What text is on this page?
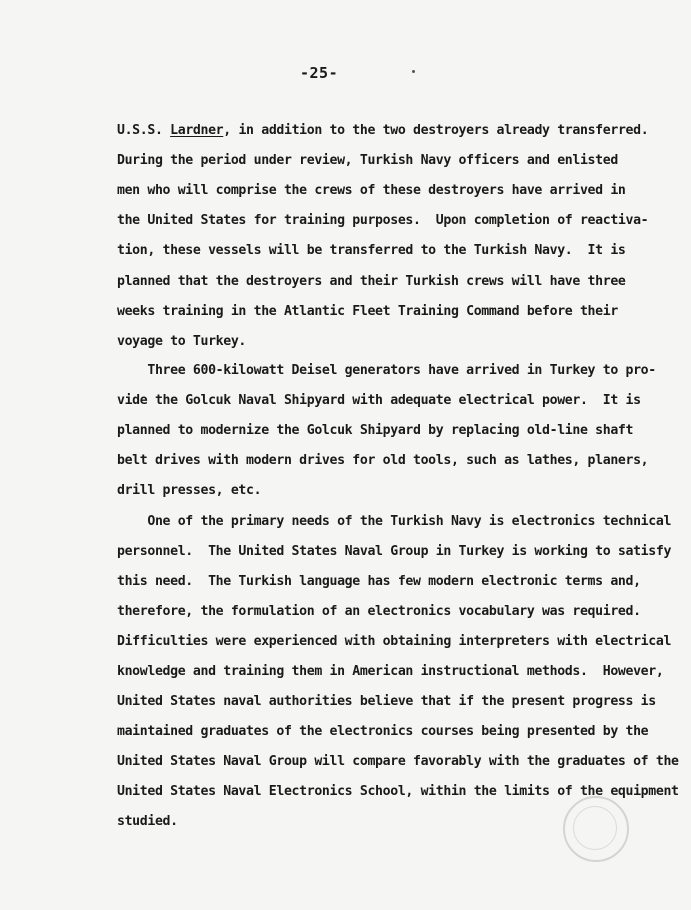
-25-
U.S.S. Lardner, in addition to the two destroyers already transferred.
During the period under review, Turkish Navy officers and enlisted
men who will comprise the crews of these destroyers have arrived in
the United States for training purposes.  Upon completion of reactiva-
tion, these vessels will be transferred to the Turkish Navy.  It is
planned that the destroyers and their Turkish crews will have three
weeks training in the Atlantic Fleet Training Command before their
voyage to Turkey.
Three 600-kilowatt Deisel generators have arrived in Turkey to pro-
vide the Golcuk Naval Shipyard with adequate electrical power.  It is
planned to modernize the Golcuk Shipyard by replacing old-line shaft
belt drives with modern drives for old tools, such as lathes, planers,
drill presses, etc.
One of the primary needs of the Turkish Navy is electronics technical
personnel.  The United States Naval Group in Turkey is working to satisfy
this need.  The Turkish language has few modern electronic terms and,
therefore, the formulation of an electronics vocabulary was required.
Difficulties were experienced with obtaining interpreters with electrical
knowledge and training them in American instructional methods.  However,
United States naval authorities believe that if the present progress is
maintained graduates of the electronics courses being presented by the
United States Naval Group will compare favorably with the graduates of the
United States Naval Electronics School, within the limits of the equipment
studied.
